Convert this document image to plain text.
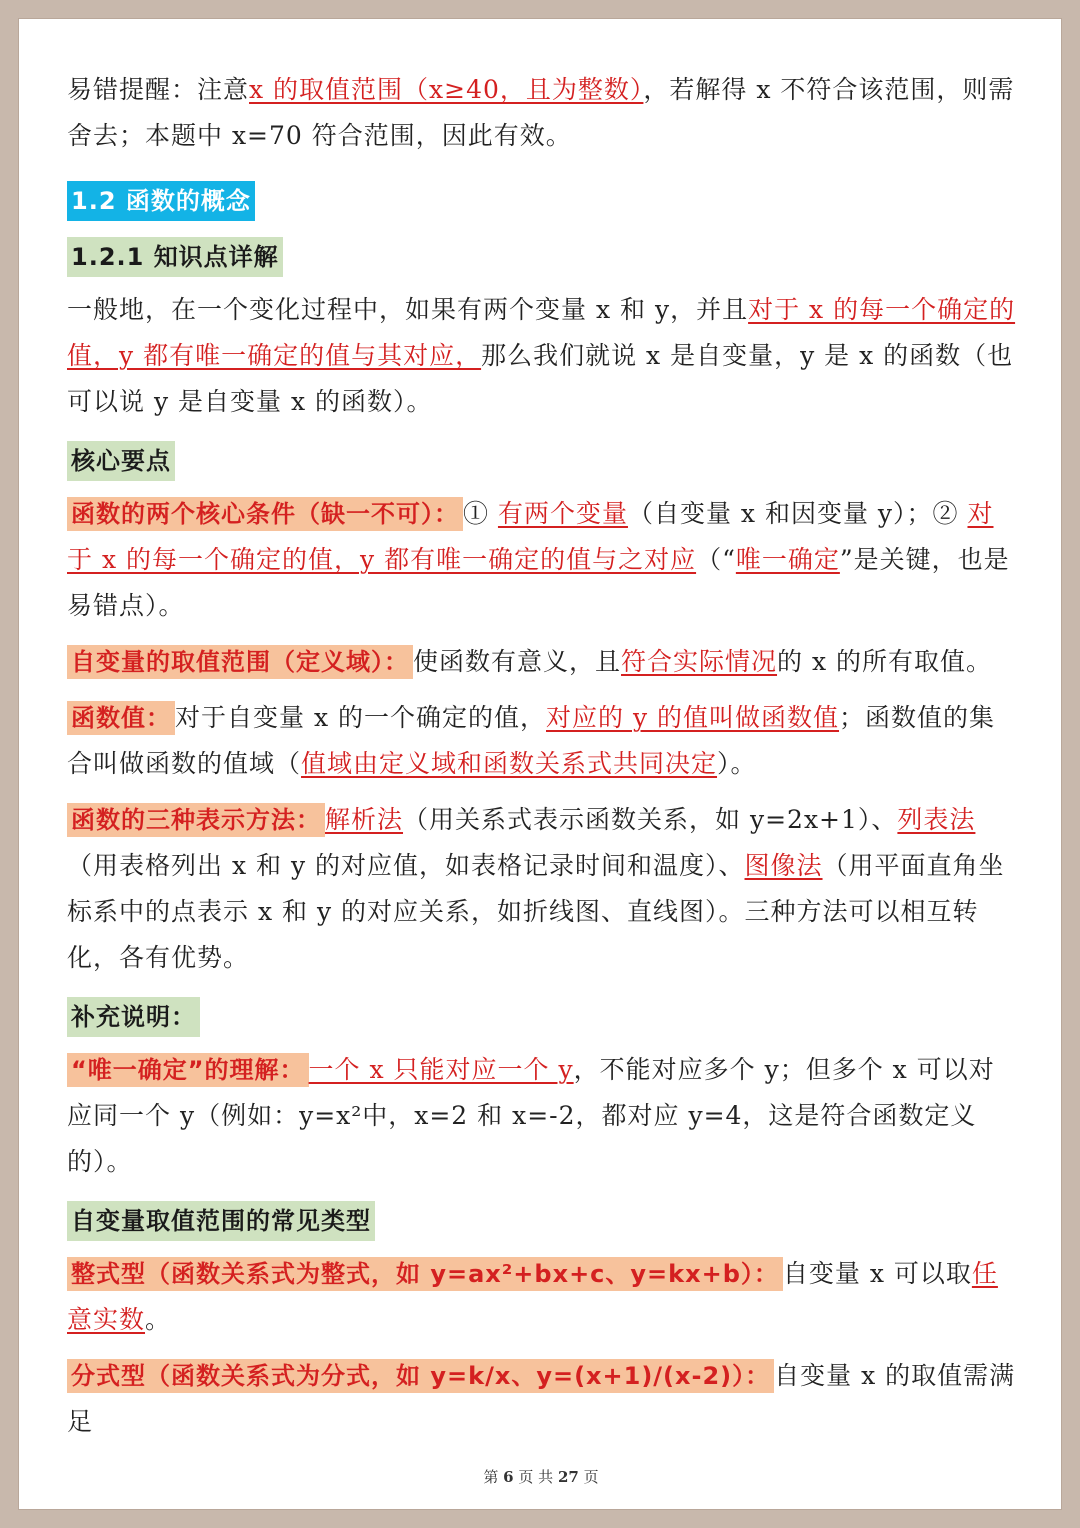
易错提醒：注意x 的取值范围（x≥40，且为整数），若解得 x 不符合该范围，则需舍去；本题中 x=70 符合范围，因此有效。

1.2 函数的概念
1.2.1 知识点详解

一般地，在一个变化过程中，如果有两个变量 x 和 y，并且对于 x 的每一个确定的值，y 都有唯一确定的值与其对应，那么我们就说 x 是自变量，y 是 x 的函数（也可以说 y 是自变量 x 的函数）。

核心要点

函数的两个核心条件（缺一不可）： ① 有两个变量（自变量 x 和因变量 y）；② 对于 x 的每一个确定的值，y 都有唯一确定的值与之对应（“唯一确定”是关键，也是易错点）。

自变量的取值范围（定义域）： 使函数有意义，且符合实际情况的 x 的所有取值。

函数值： 对于自变量 x 的一个确定的值，对应的 y 的值叫做函数值；函数值的集合叫做函数的值域（值域由定义域和函数关系式共同决定）。

函数的三种表示方法： 解析法（用关系式表示函数关系，如 y=2x+1）、列表法（用表格列出 x 和 y 的对应值，如表格记录时间和温度）、图像法（用平面直角坐标系中的点表示 x 和 y 的对应关系，如折线图、直线图）。三种方法可以相互转化，各有优势。

补充说明：

“唯一确定”的理解： 一个 x 只能对应一个 y，不能对应多个 y；但多个 x 可以对应同一个 y（例如：y=x²中，x=2 和 x=-2，都对应 y=4，这是符合函数定义的）。

自变量取值范围的常见类型

整式型（函数关系式为整式，如 y=ax²+bx+c、y=kx+b）： 自变量 x 可以取任意实数。

分式型（函数关系式为分式，如 y=k/x、y=(x+1)/(x-2)）： 自变量 x 的取值需满足

第 6 页 共 27 页
